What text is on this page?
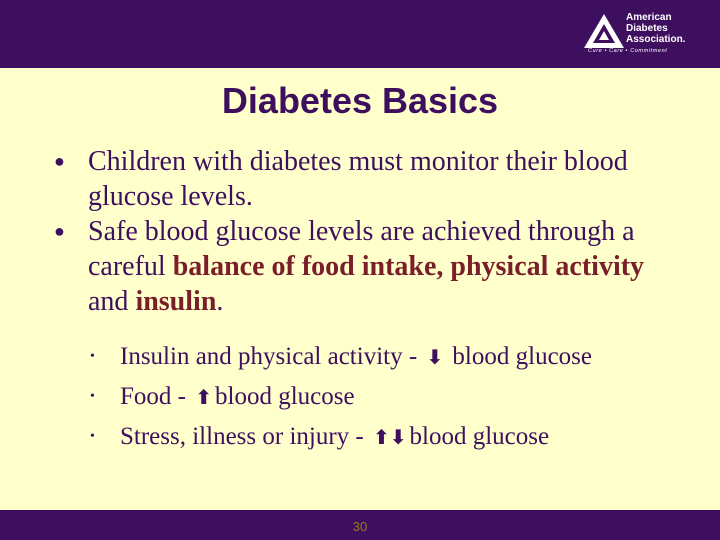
American
Diabetes
Association.
Cure • Care • Commitment
Diabetes Basics
● Children with diabetes must monitor their blood glucose levels.
● Safe blood glucose levels are achieved through a careful balance of food intake, physical activity and insulin.
• Insulin and physical activity - ⬇ blood glucose
• Food - ⬆ blood glucose
• Stress, illness or injury - ⬆⬇ blood glucose
30
